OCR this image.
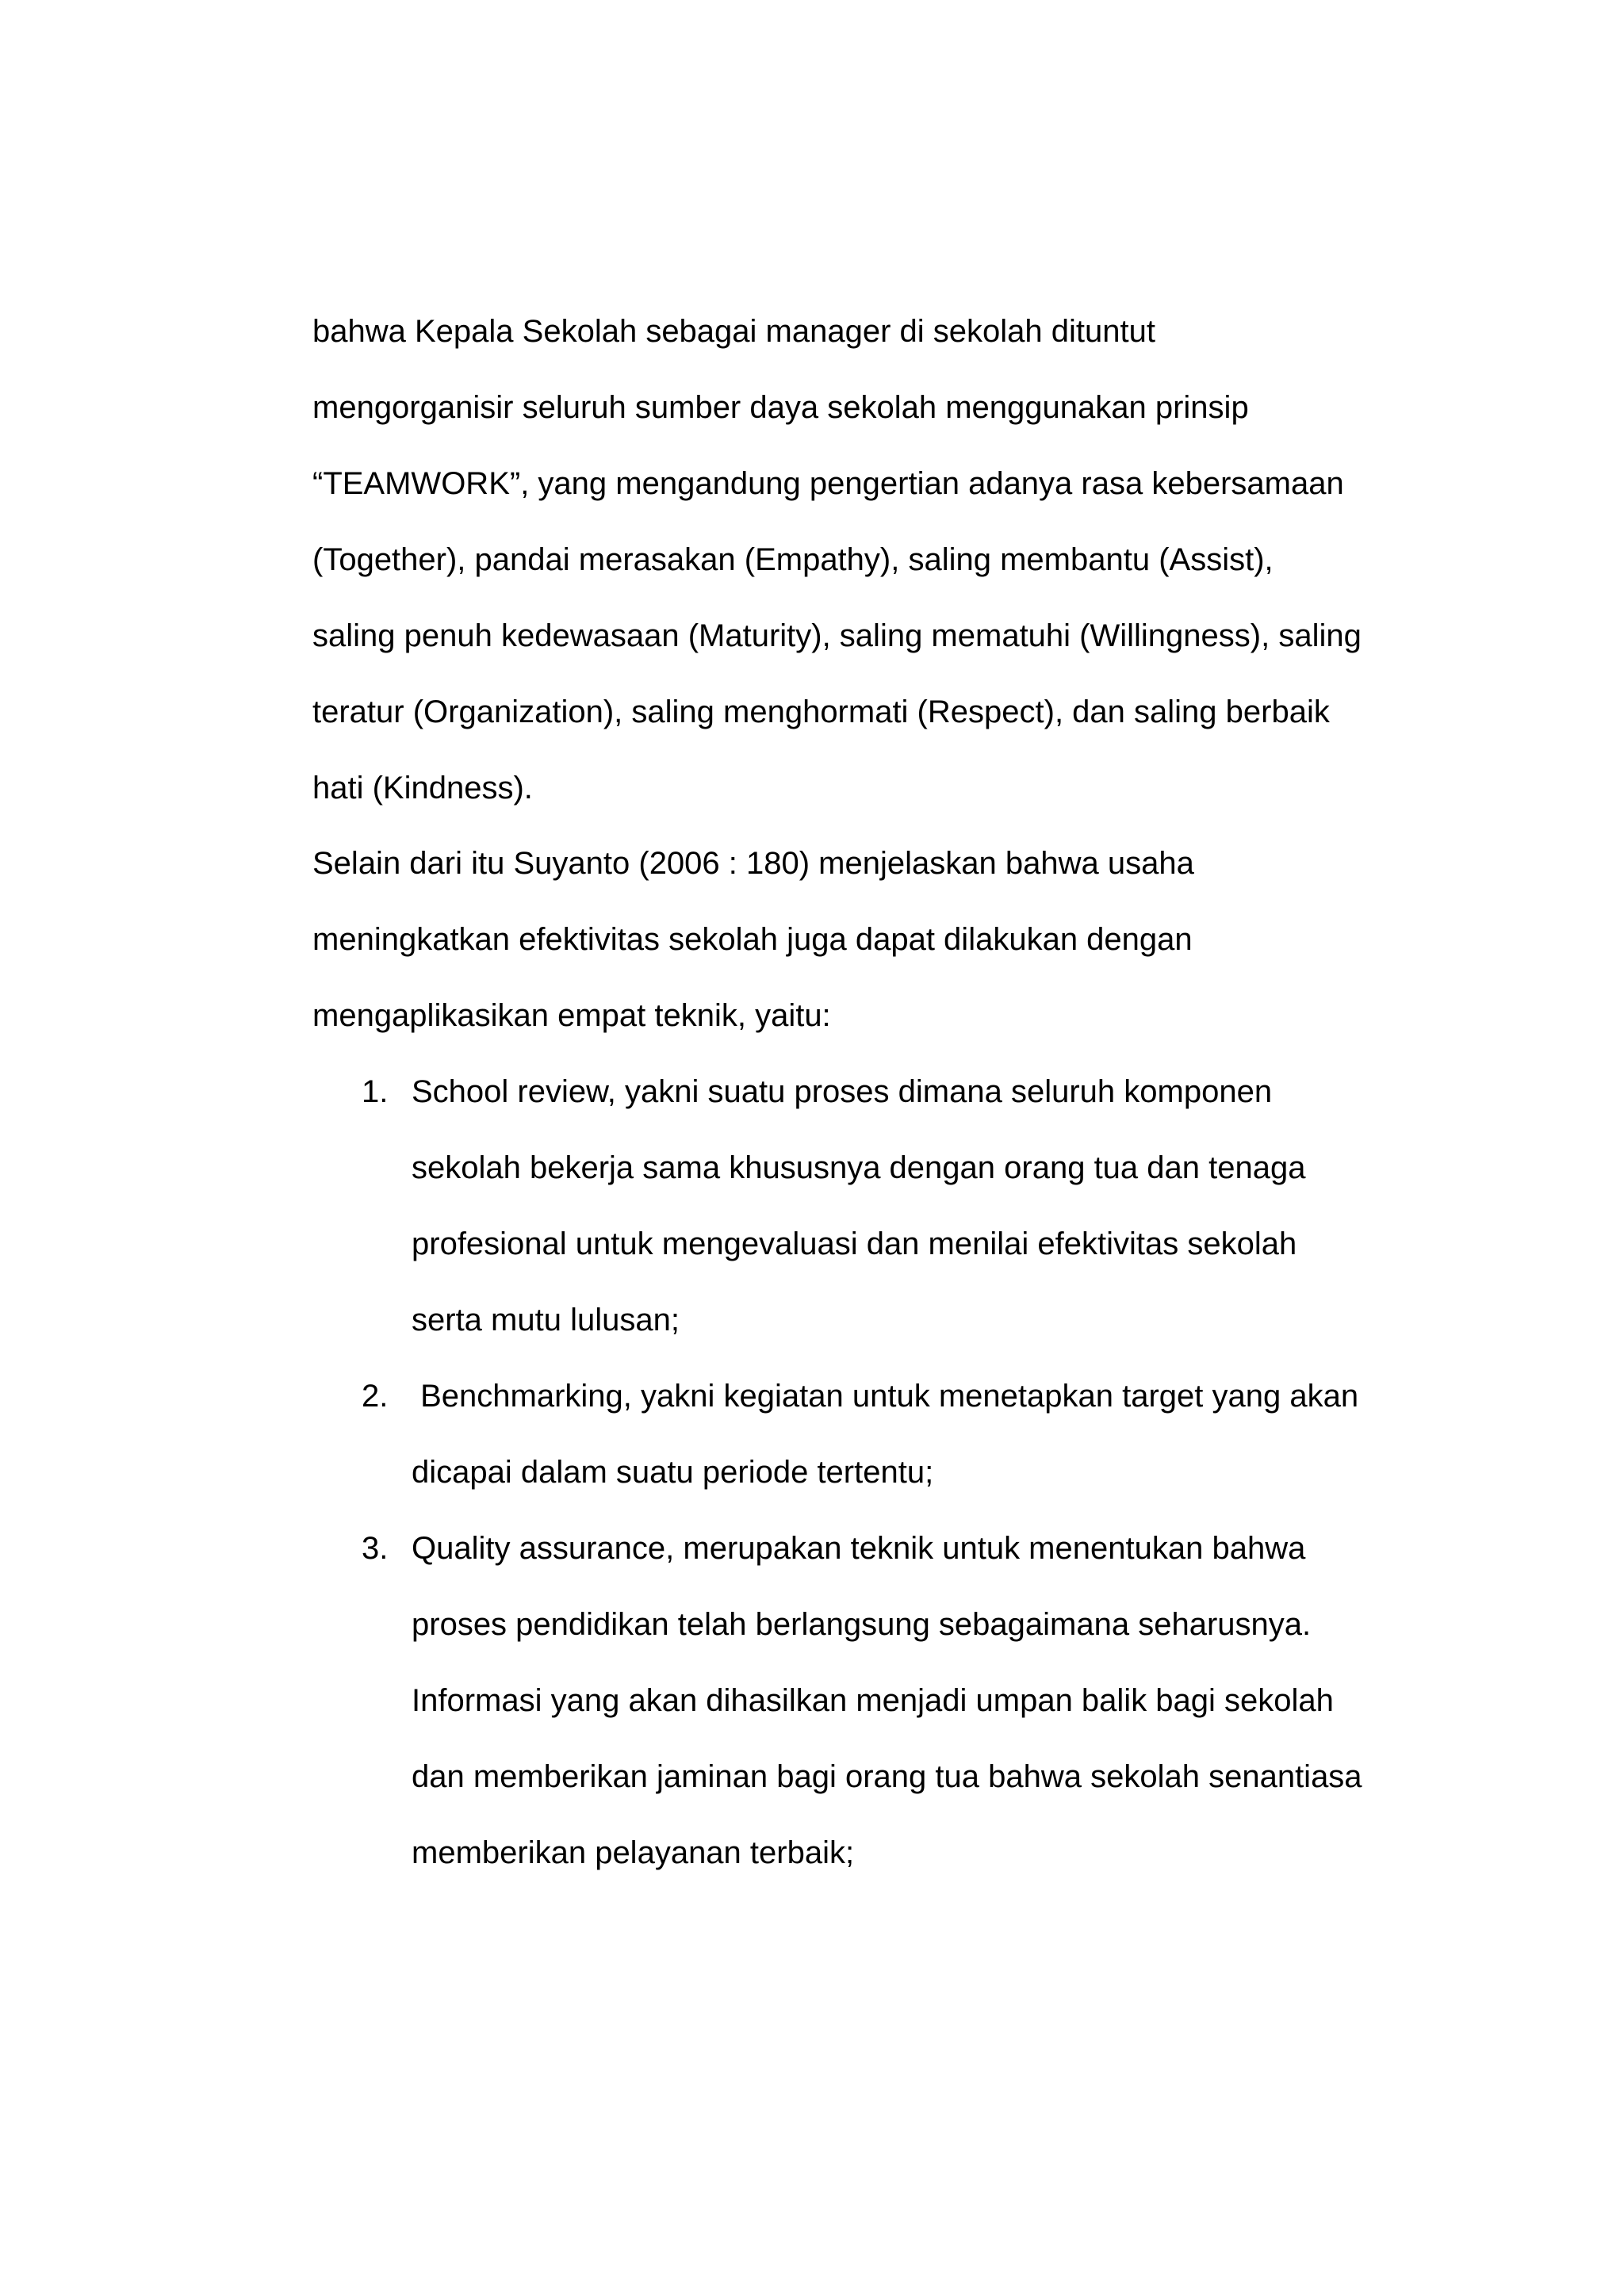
bahwa Kepala Sekolah sebagai manager di sekolah dituntut
mengorganisir seluruh sumber daya sekolah menggunakan prinsip
“TEAMWORK”, yang mengandung pengertian adanya rasa kebersamaan
(Together), pandai merasakan (Empathy), saling membantu (Assist),
saling penuh kedewasaan (Maturity), saling mematuhi (Willingness), saling
teratur (Organization), saling menghormati (Respect), dan saling berbaik
hati (Kindness).
Selain dari itu Suyanto (2006 : 180) menjelaskan bahwa usaha
meningkatkan efektivitas sekolah juga dapat dilakukan dengan
mengaplikasikan empat teknik, yaitu:
1. School review, yakni suatu proses dimana seluruh komponen
sekolah bekerja sama khususnya dengan orang tua dan tenaga
profesional untuk mengevaluasi dan menilai efektivitas sekolah
serta mutu lulusan;
2. Benchmarking, yakni kegiatan untuk menetapkan target yang akan
dicapai dalam suatu periode tertentu;
3. Quality assurance, merupakan teknik untuk menentukan bahwa
proses pendidikan telah berlangsung sebagaimana seharusnya.
Informasi yang akan dihasilkan menjadi umpan balik bagi sekolah
dan memberikan jaminan bagi orang tua bahwa sekolah senantiasa
memberikan pelayanan terbaik;
